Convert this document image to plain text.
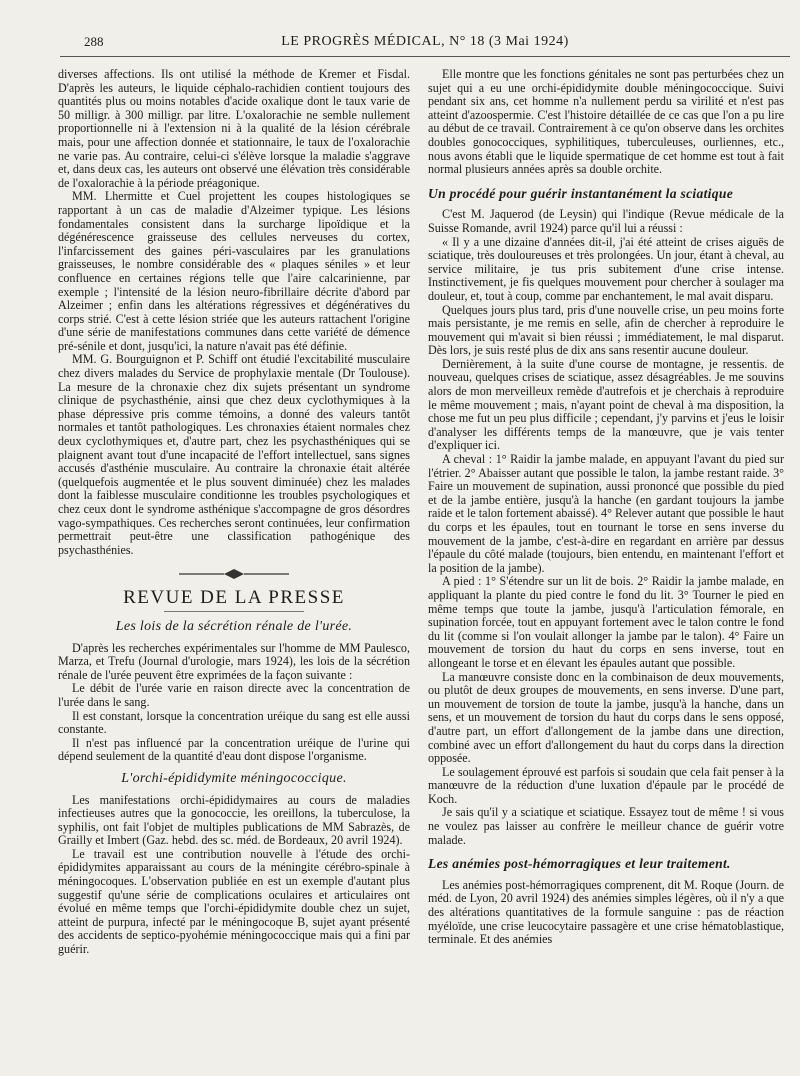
288	LE PROGRÈS MÉDICAL, N° 18 (3 Mai 1924)

diverses affections. Ils ont utilisé la méthode de Kremer et Fisdal. D'après les auteurs, le liquide céphalo-rachidien contient toujours des quantités plus ou moins notables d'acide oxalique dont le taux varie de 50 milligr. à 300 milligr. par litre. L'oxalorachie ne semble nullement proportionnelle ni à l'extension ni à la qualité de la lésion cérébrale mais, pour une affection donnée et stationnaire, le taux de l'oxalorachie ne varie pas. Au contraire, celui-ci s'élève lorsque la maladie s'aggrave et, dans deux cas, les auteurs ont observé une élévation très considérable de l'oxalorachie à la période préagonique.

MM. Lhermitte et Cuel projettent les coupes histologiques se rapportant à un cas de maladie d'Alzeimer typique. Les lésions fondamentales consistent dans la surcharge lipoïdique et la dégénérescence graisseuse des cellules nerveuses du cortex, l'infarcissement des gaines péri-vasculaires par les granulations graisseuses, le nombre considérable des « plaques séniles » et leur confluence en certaines régions telle que l'aire calcarinienne, par exemple ; l'intensité de la lésion neuro-fibrillaire décrite d'abord par Alzeimer ; enfin dans les altérations régressives et dégénératives du corps strié. C'est à cette lésion striée que les auteurs rattachent l'origine d'une série de manifestations communes dans cette variété de démence pré-sénile et dont, jusqu'ici, la nature n'avait pas été définie.

MM. G. Bourguignon et P. Schiff ont étudié l'excitabilité musculaire chez divers malades du Service de prophylaxie mentale (Dr Toulouse). La mesure de la chronaxie chez dix sujets présentant un syndrome clinique de psychasthénie, ainsi que chez deux cyclothymiques à la phase dépressive pris comme témoins, a donné des valeurs tantôt normales et tantôt pathologiques. Les chronaxies étaient normales chez deux cyclothymiques et, d'autre part, chez les psychasthéniques qui se plaignent avant tout d'une incapacité de l'effort intellectuel, sans signes accusés d'asthénie musculaire. Au contraire la chronaxie était altérée (quelquefois augmentée et le plus souvent diminuée) chez les malades dont la faiblesse musculaire conditionne les troubles psychologiques et chez ceux dont le syndrome asthénique s'accompagne de gros désordres vago-sympathiques. Ces recherches seront continuées, leur confirmation permettrait peut-être une classification pathogénique des psychasthénies.

REVUE DE LA PRESSE
Les lois de la sécrétion rénale de l'urée.

D'après les recherches expérimentales sur l'homme de MM Paulesco, Marza, et Trefu (Journal d'urologie, mars 1924), les lois de la sécrétion rénale de l'urée peuvent être exprimées de la façon suivante :

Le débit de l'urée varie en raison directe avec la concentration de l'urée dans le sang.

Il est constant, lorsque la concentration uréique du sang est elle aussi constante.

Il n'est pas influencé par la concentration uréique de l'urine qui dépend seulement de la quantité d'eau dont dispose l'organisme.

L'orchi-épididymite méningococcique.

Les manifestations orchi-épididymaires au cours de maladies infectieuses autres que la gonococcie, les oreillons, la tuberculose, la syphilis, ont fait l'objet de multiples publications de MM Sabrazès, de Grailly et Imbert (Gaz. hebd. des sc. méd. de Bordeaux, 20 avril 1924).

Le travail est une contribution nouvelle à l'étude des orchi-épididymites apparaissant au cours de la méningite cérébro-spinale à méningocoques. L'observation publiée en est un exemple d'autant plus suggestif qu'une série de complications oculaires et articulaires ont évolué en même temps que l'orchi-épididymite double chez un sujet, atteint de purpura, infecté par le méningocoque B, sujet ayant présenté des accidents de septico-pyohémie méningococcique mais qui a fini par guérir.

Elle montre que les fonctions génitales ne sont pas perturbées chez un sujet qui a eu une orchi-épididymite double méningococcique. Suivi pendant six ans, cet homme n'a nullement perdu sa virilité et n'est pas atteint d'azoospermie. C'est l'histoire détaillée de ce cas que l'on a pu lire au début de ce travail. Contrairement à ce qu'on observe dans les orchites doubles gonococciques, syphilitiques, tuberculeuses, ourliennes, etc., nous avons établi que le liquide spermatique de cet homme est tout à fait normal plusieurs années après sa double orchite.

Un procédé pour guérir instantanément la sciatique

C'est M. Jaquerod (de Leysin) qui l'indique (Revue médicale de la Suisse Romande, avril 1924) parce qu'il lui a réussi :

« Il y a une dizaine d'années dit-il, j'ai été atteint de crises aiguës de sciatique, très douloureuses et très prolongées. Un jour, étant à cheval, au service militaire, je tus pris subitement d'une crise intense. Instinctivement, je fis quelques mouvement pour chercher à soulager ma douleur, et, tout à coup, comme par enchantement, le mal avait disparu.

Quelques jours plus tard, pris d'une nouvelle crise, un peu moins forte mais persistante, je me remis en selle, afin de chercher à reproduire le mouvement qui m'avait si bien réussi ; immédiatement, le mal disparut. Dès lors, je suis resté plus de dix ans sans resentir aucune douleur.

Dernièrement, à la suite d'une course de montagne, je ressentis. de nouveau, quelques crises de sciatique, assez désagréables. Je me souvins alors de mon merveilleux remède d'autrefois et je cherchais à reproduire le même mouvement ; mais, n'ayant point de cheval à ma disposition, la chose me fut un peu plus difficile ; cependant, j'y parvins et j'eus le loisir d'analyser les différents temps de la manœuvre, que je vais tenter d'expliquer ici.

A cheval : 1° Raidir la jambe malade, en appuyant l'avant du pied sur l'étrier. 2° Abaisser autant que possible le talon, la jambe restant raide. 3° Faire un mouvement de supination, aussi prononcé que possible du pied et de la jambe entière, jusqu'à la hanche (en gardant toujours la jambe raide et le talon fortement abaissé). 4° Relever autant que possible le haut du corps et les épaules, tout en tournant le torse en sens inverse du mouvement de la jambe, c'est-à-dire en regardant en arrière par dessus l'épaule du côté malade (toujours, bien entendu, en maintenant l'effort et la position de la jambe).

A pied : 1° S'étendre sur un lit de bois. 2° Raidir la jambe malade, en appliquant la plante du pied contre le fond du lit. 3° Tourner le pied en même temps que toute la jambe, jusqu'à l'articulation fémorale, en supination forcée, tout en appuyant fortement avec le talon contre le fond du lit (comme si l'on voulait allonger la jambe par le talon). 4° Faire un mouvement de torsion du haut du corps en sens inverse, tout en allongeant le torse et en élevant les épaules autant que possible.

La manœuvre consiste donc en la combinaison de deux mouvements, ou plutôt de deux groupes de mouvements, en sens inverse. D'une part, un mouvement de torsion de toute la jambe, jusqu'à la hanche, dans un sens, et un mouvement de torsion du haut du corps dans le sens opposé, d'autre part, un effort d'allongement de la jambe dans une direction, combiné avec un effort d'allongement du haut du corps dans la direction opposée.

Le soulagement éprouvé est parfois si soudain que cela fait penser à la manœuvre de la réduction d'une luxation d'épaule par le procédé de Koch.

Je sais qu'il y a sciatique et sciatique. Essayez tout de même ! si vous ne voulez pas laisser au confrère le meilleur chance de guérir votre malade.

Les anémies post-hémorragiques et leur traitement.

Les anémies post-hémorragiques comprenent, dit M. Roque (Journ. de méd. de Lyon, 20 avril 1924) des anémies simples légères, où il n'y a que des altérations quantitatives de la formule sanguine : pas de réaction myéloïde, une crise leucocytaire passagère et une crise hématoblastique, terminale. Et des anémies
